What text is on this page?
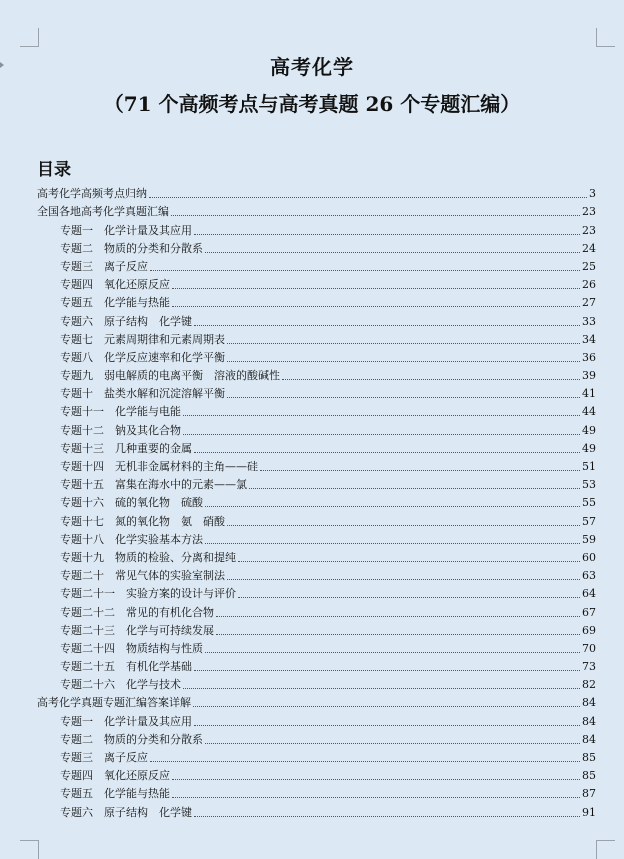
高考化学
（71 个高频考点与高考真题 26 个专题汇编）
目录
高考化学高频考点归纳	3
全国各地高考化学真题汇编	23
专题一　化学计量及其应用	23
专题二　物质的分类和分散系	24
专题三　离子反应	25
专题四　氧化还原反应	26
专题五　化学能与热能	27
专题六　原子结构　化学键	33
专题七　元素周期律和元素周期表	34
专题八　化学反应速率和化学平衡	36
专题九　弱电解质的电离平衡　溶液的酸碱性	39
专题十　盐类水解和沉淀溶解平衡	41
专题十一　化学能与电能	44
专题十二　钠及其化合物	49
专题十三　几种重要的金属	49
专题十四　无机非金属材料的主角——硅	51
专题十五　富集在海水中的元素——氯	53
专题十六　硫的氧化物　硫酸	55
专题十七　氮的氧化物　氨　硝酸	57
专题十八　化学实验基本方法	59
专题十九　物质的检验、分离和提纯	60
专题二十　常见气体的实验室制法	63
专题二十一　实验方案的设计与评价	64
专题二十二　常见的有机化合物	67
专题二十三　化学与可持续发展	69
专题二十四　物质结构与性质	70
专题二十五　有机化学基础	73
专题二十六　化学与技术	82
高考化学真题专题汇编答案详解	84
专题一　化学计量及其应用	84
专题二　物质的分类和分散系	84
专题三　离子反应	85
专题四　氧化还原反应	85
专题五　化学能与热能	87
专题六　原子结构　化学键	91
